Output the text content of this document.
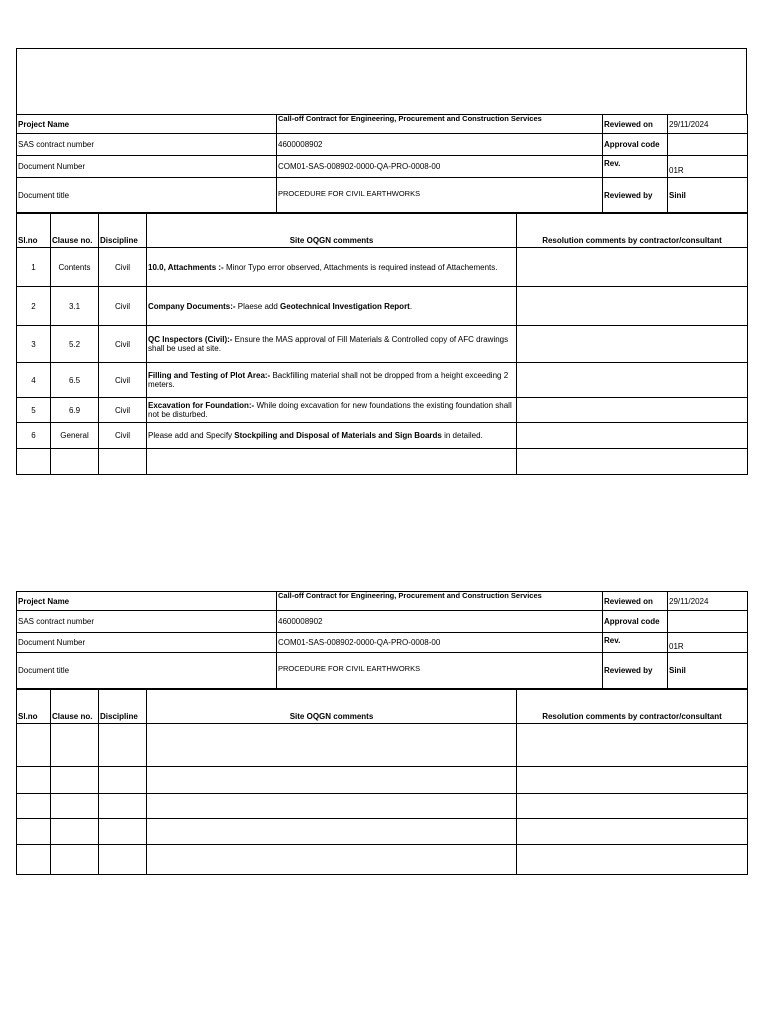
Project Name	Call-off Contract for Engineering, Procurement and Construction Services	Reviewed on	29/11/2024
SAS contract number	4600008902	Approval code	
Document Number	COM01-SAS-008902-0000-QA-PRO-0008-00	Rev.	01R
Document title	PROCEDURE FOR CIVIL EARTHWORKS	Reviewed by	Sinil
Sl.no	Clause no.	Discipline	Site OQGN comments	Resolution comments by contractor/consultant
1	Contents	Civil	10.0, Attachments :- Minor Typo error observed, Attachments is required instead of Attachements.	
2	3.1	Civil	Company Documents:- Plaese add Geotechnical Investigation Report.	
3	5.2	Civil	QC Inspectors (Civil):- Ensure the MAS approval of Fill Materials & Controlled copy of AFC drawings shall be used at site.	
4	6.5	Civil	Filling and Testing of Plot Area:- Backfilling material shall not be dropped from a height exceeding 2 meters.	
5	6.9	Civil	Excavation for Foundation:- While doing excavation for new foundations the existing foundation shall not be disturbed.	
6	General	Civil	Please add and Specify Stockpiling and Disposal of Materials and Sign Boards in detailed.	

Project Name	Call-off Contract for Engineering, Procurement and Construction Services	Reviewed on	29/11/2024
SAS contract number	4600008902	Approval code	
Document Number	COM01-SAS-008902-0000-QA-PRO-0008-00	Rev.	01R
Document title	PROCEDURE FOR CIVIL EARTHWORKS	Reviewed by	Sinil
Sl.no	Clause no.	Discipline	Site OQGN comments	Resolution comments by contractor/consultant
